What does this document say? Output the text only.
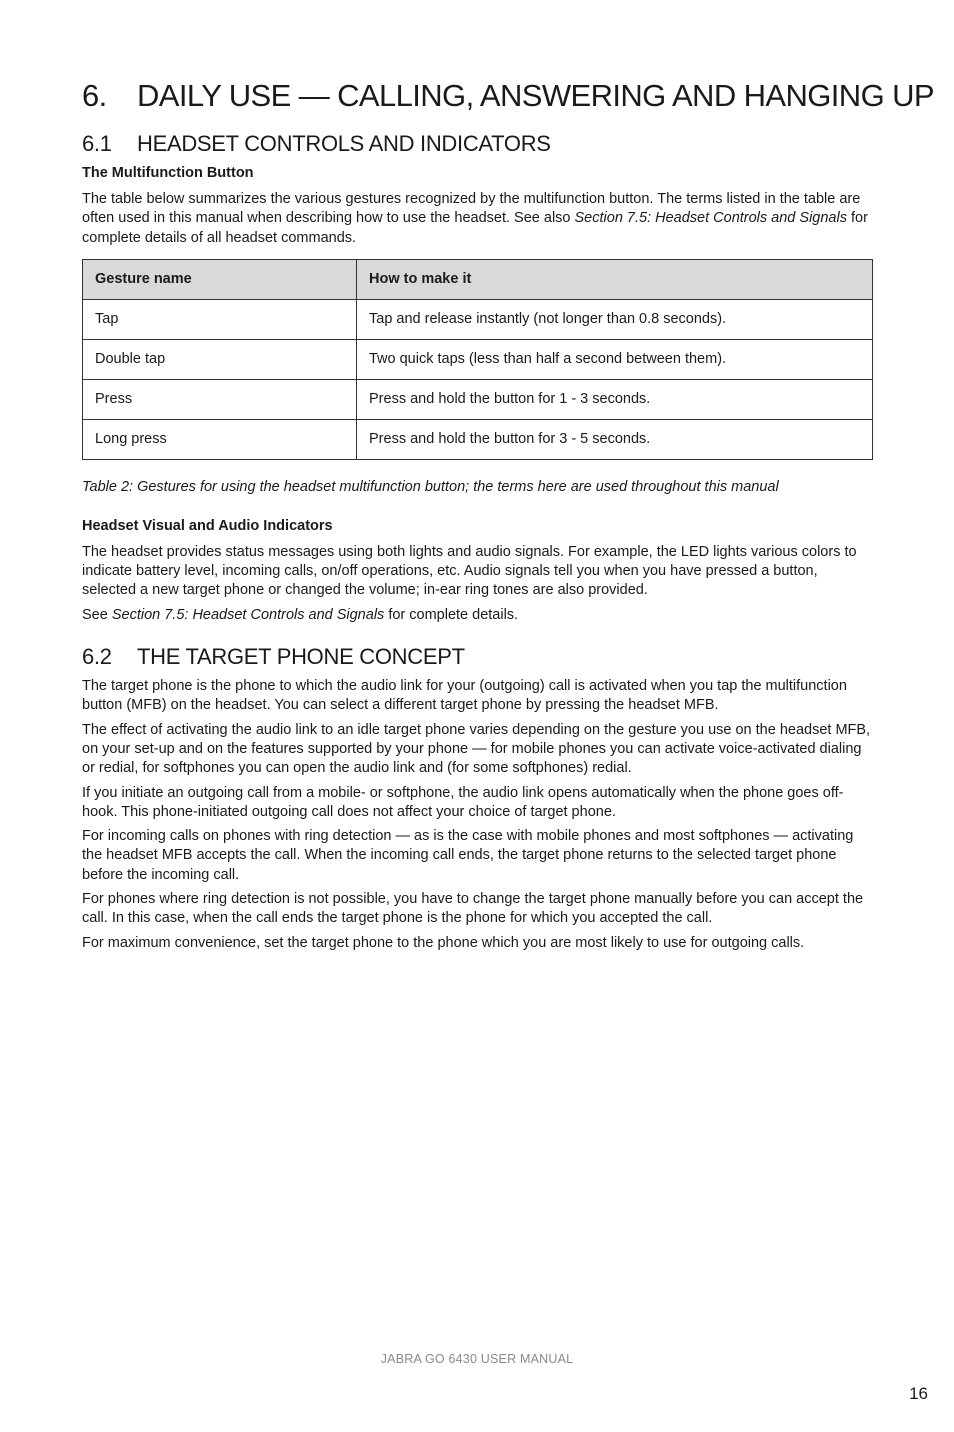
6. DAILY USE — CALLING, ANSWERING AND HANGING UP
6.1 HEADSET CONTROLS AND INDICATORS
The Multifunction Button

The table below summarizes the various gestures recognized by the multifunction button. The terms listed in the table are often used in this manual when describing how to use the headset. See also Section 7.5: Headset Controls and Signals for complete details of all headset commands.

Gesture name	How to make it
Tap	Tap and release instantly (not longer than 0.8 seconds).
Double tap	Two quick taps (less than half a second between them).
Press	Press and hold the button for 1 - 3 seconds.
Long press	Press and hold the button for 3 - 5 seconds.
Table 2: Gestures for using the headset multifunction button; the terms here are used throughout this manual
Headset Visual and Audio Indicators

The headset provides status messages using both lights and audio signals. For example, the LED lights various colors to indicate battery level, incoming calls, on/off operations, etc. Audio signals tell you when you have pressed a button, selected a new target phone or changed the volume; in-ear ring tones are also provided.

See Section 7.5: Headset Controls and Signals for complete details.

6.2 THE TARGET PHONE CONCEPT

The target phone is the phone to which the audio link for your (outgoing) call is activated when you tap the multifunction button (MFB) on the headset. You can select a different target phone by pressing the headset MFB.

The effect of activating the audio link to an idle target phone varies depending on the gesture you use on the headset MFB, on your set-up and on the features supported by your phone — for mobile phones you can activate voice-activated dialing or redial, for softphones you can open the audio link and (for some softphones) redial.

If you initiate an outgoing call from a mobile- or softphone, the audio link opens automatically when the phone goes off-hook. This phone-initiated outgoing call does not affect your choice of target phone.

For incoming calls on phones with ring detection — as is the case with mobile phones and most softphones — activating the headset MFB accepts the call. When the incoming call ends, the target phone returns to the selected target phone before the incoming call.

For phones where ring detection is not possible, you have to change the target phone manually before you can accept the call. In this case, when the call ends the target phone is the phone for which you accepted the call.

For maximum convenience, set the target phone to the phone which you are most likely to use for outgoing calls.

JABRA GO 6430 USER MANUAL
16
